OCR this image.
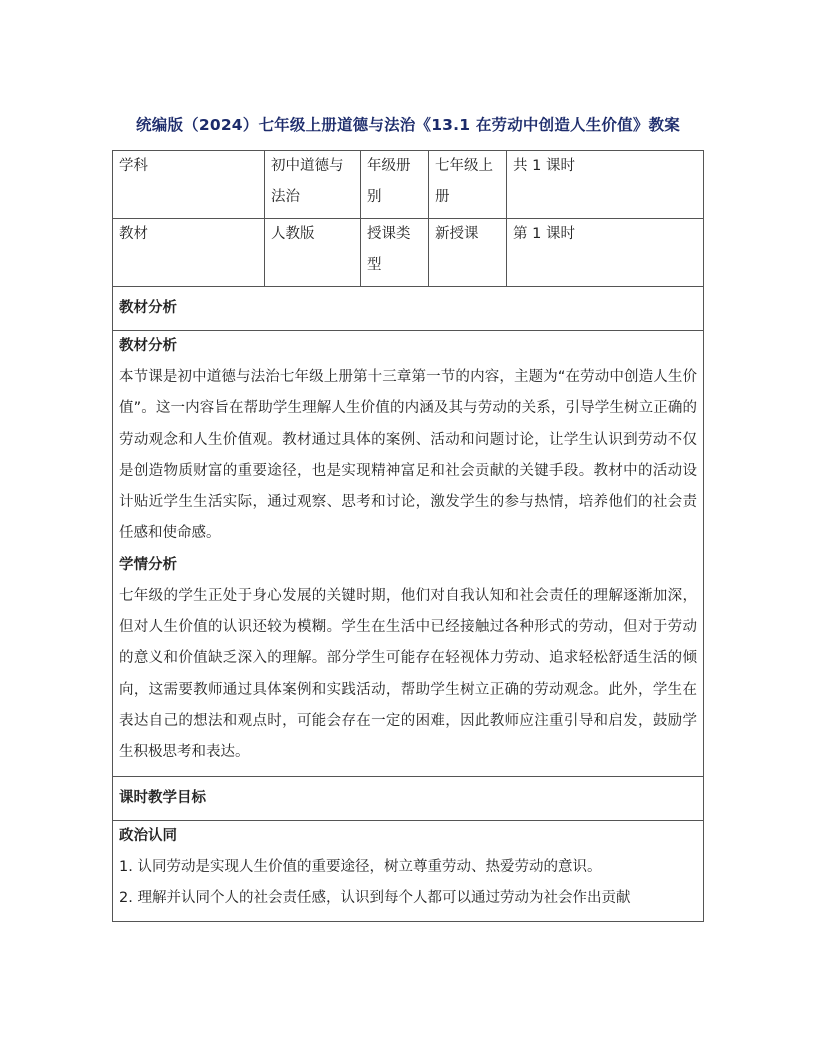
统编版（2024）七年级上册道德与法治《13.1 在劳动中创造人生价值》教案
学科	初中道德与法治	年级册别	七年级上册	共 1 课时
教材	人教版	授课类型	新授课	第 1 课时
教材分析				

教材分析

本节课是初中道德与法治七年级上册第十三章第一节的内容，主题为“在劳动中创造人生价值”。这一内容旨在帮助学生理解人生价值的内涵及其与劳动的关系，引导学生树立正确的劳动观念和人生价值观。教材通过具体的案例、活动和问题讨论，让学生认识到劳动不仅是创造物质财富的重要途径，也是实现精神富足和社会贡献的关键手段。教材中的活动设计贴近学生生活实际，通过观察、思考和讨论，激发学生的参与热情，培养他们的社会责任感和使命感。

学情分析

七年级的学生正处于身心发展的关键时期，他们对自我认知和社会责任的理解逐渐加深，但对人生价值的认识还较为模糊。学生在生活中已经接触过各种形式的劳动，但对于劳动的意义和价值缺乏深入的理解。部分学生可能存在轻视体力劳动、追求轻松舒适生活的倾向，这需要教师通过具体案例和实践活动，帮助学生树立正确的劳动观念。此外，学生在表达自己的想法和观点时，可能会存在一定的困难，因此教师应注重引导和启发，鼓励学生积极思考和表达。				

课时教学目标				

政治认同
1. 认同劳动是实现人生价值的重要途径，树立尊重劳动、热爱劳动的意识。
2. 理解并认同个人的社会责任感，认识到每个人都可以通过劳动为社会作出贡献				
